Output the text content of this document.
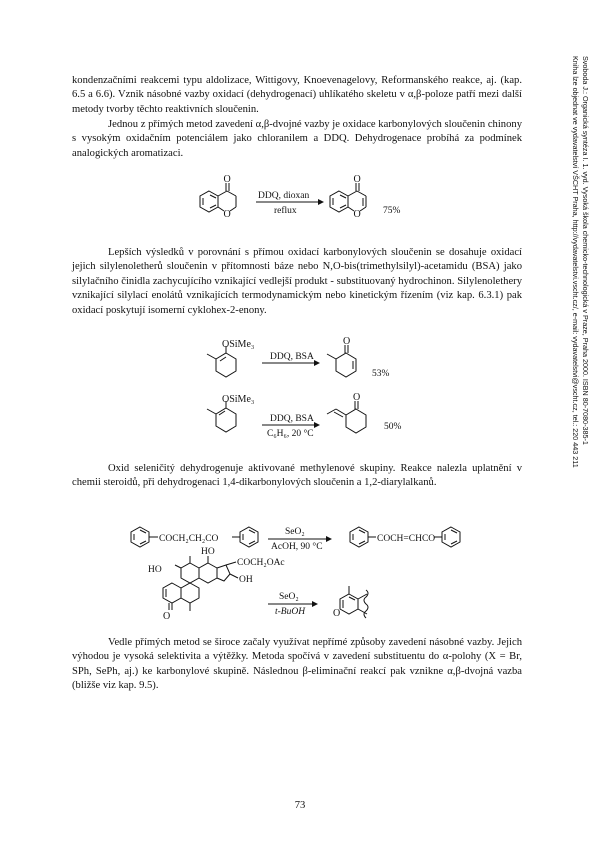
kondenzačními reakcemi typu aldolizace, Wittigovy, Knoevenagelovy, Reformanského reakce, aj. (kap. 6.5 a 6.6). Vznik násobné vazby oxidací (dehydrogenací) uhlíkatého skeletu v α,β-poloze patří mezi další metody tvorby těchto reaktivních sloučenin.

Jednou z přímých metod zavedení α,β-dvojné vazby je oxidace karbonylových sloučenin chinony s vysokým oxidačním potenciálem jako chloranilem a DDQ. Dehydrogenace probíhá za podmínek analogických aromatizaci.

O
O
DDQ, dioxan
reflux
O
O 75%

Lepších výsledků v porovnání s přímou oxidací karbonylových sloučenin se dosahuje oxidací jejich silylenoletherů sloučenin v přítomnosti báze nebo N,O-bis(trimethylsilyl)-acetamidu (BSA) jako silylačního činidla zachycujícího vznikající vedlejší produkt - substituovaný hydrochinon. Silylenolethery vznikající silylací enolátů vznikajících termodynamickým nebo kinetickým řízením (viz kap. 6.3.1) pak oxidací poskytují isomerní cyklohex-2-enony.

OSiMe₃
DDQ, BSA
O
53%
OSiMe₃
DDQ, BSA
C₆H₆, 20 °C
O
50%

Oxid seleničitý dehydrogenuje aktivované methylenové skupiny. Reakce nalezla uplatnění v chemii steroidů, při dehydrogenaci 1,4-dikarbonylových sloučenin a 1,2-diarylalkanů.

COCH₂CH₂CO
SeO₂
AcOH, 90 °C
COCH=CHCO
HO
HO
COCH₂OAc
OH
O
SeO₂
t-BuOH	O

Vedle přímých metod se široce začaly využívat nepřímé způsoby zavedení násobné vazby. Jejich výhodou je vysoká selektivita a výtěžky. Metoda spočívá v zavedení substituentu do α-polohy (X = Br, SPh, SePh, aj.) ke karbonylové skupině. Následnou β-eliminační reakcí pak vznikne α,β-dvojná vazba (bližše viz kap. 9.5).

73
Svoboda J.: Organická syntéza I. 1. vyd. Vysoká škola chemicko-technologická v Praze, Praha 2000. ISBN 80-7080-385-1
Kniha lze objednat ve vydavatelství VŠCHT Praha, http://vydavatelstvi.vscht.cz/, e-mail: vydavatelstvi@vscht.cz, tel.: 220 443 211
